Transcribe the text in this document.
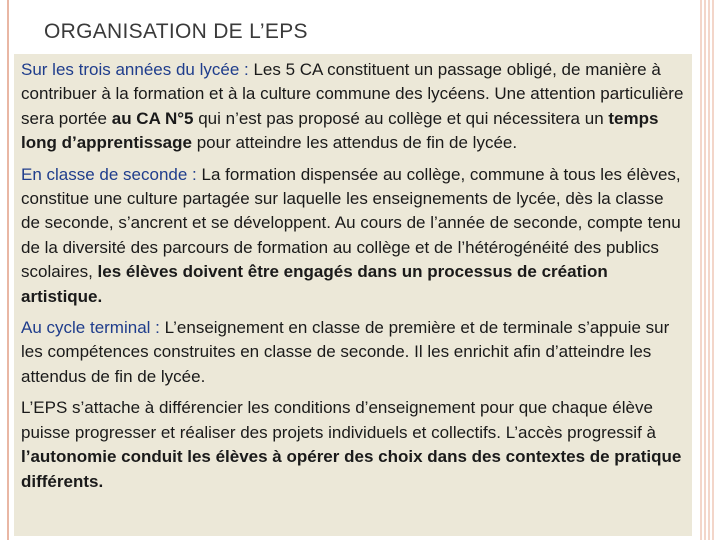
ORGANISATION DE L’EPS

Sur les trois années du lycée : Les 5 CA constituent un passage obligé, de manière à contribuer à la formation et à la culture commune des lycéens. Une attention particulière sera portée au CA N°5 qui n’est pas proposé au collège et qui nécessitera un temps long d’apprentissage pour atteindre les attendus de fin de lycée.

En classe de seconde : La formation dispensée au collège, commune à tous les élèves, constitue une culture partagée sur laquelle les enseignements de lycée, dès la classe de seconde, s’ancrent et se développent. Au cours de l’année de seconde, compte tenu de la diversité des parcours de formation au collège et de l’hétérogénéité des publics scolaires, les élèves doivent être engagés dans un processus de création artistique.

Au cycle terminal : L’enseignement en classe de première et de terminale s’appuie sur les compétences construites en classe de seconde. Il les enrichit afin d’atteindre les attendus de fin de lycée.

L’EPS s’attache à différencier les conditions d’enseignement pour que chaque élève puisse progresser et réaliser des projets individuels et collectifs. L’accès progressif à l’autonomie conduit les élèves à opérer des choix dans des contextes de pratique différents.
